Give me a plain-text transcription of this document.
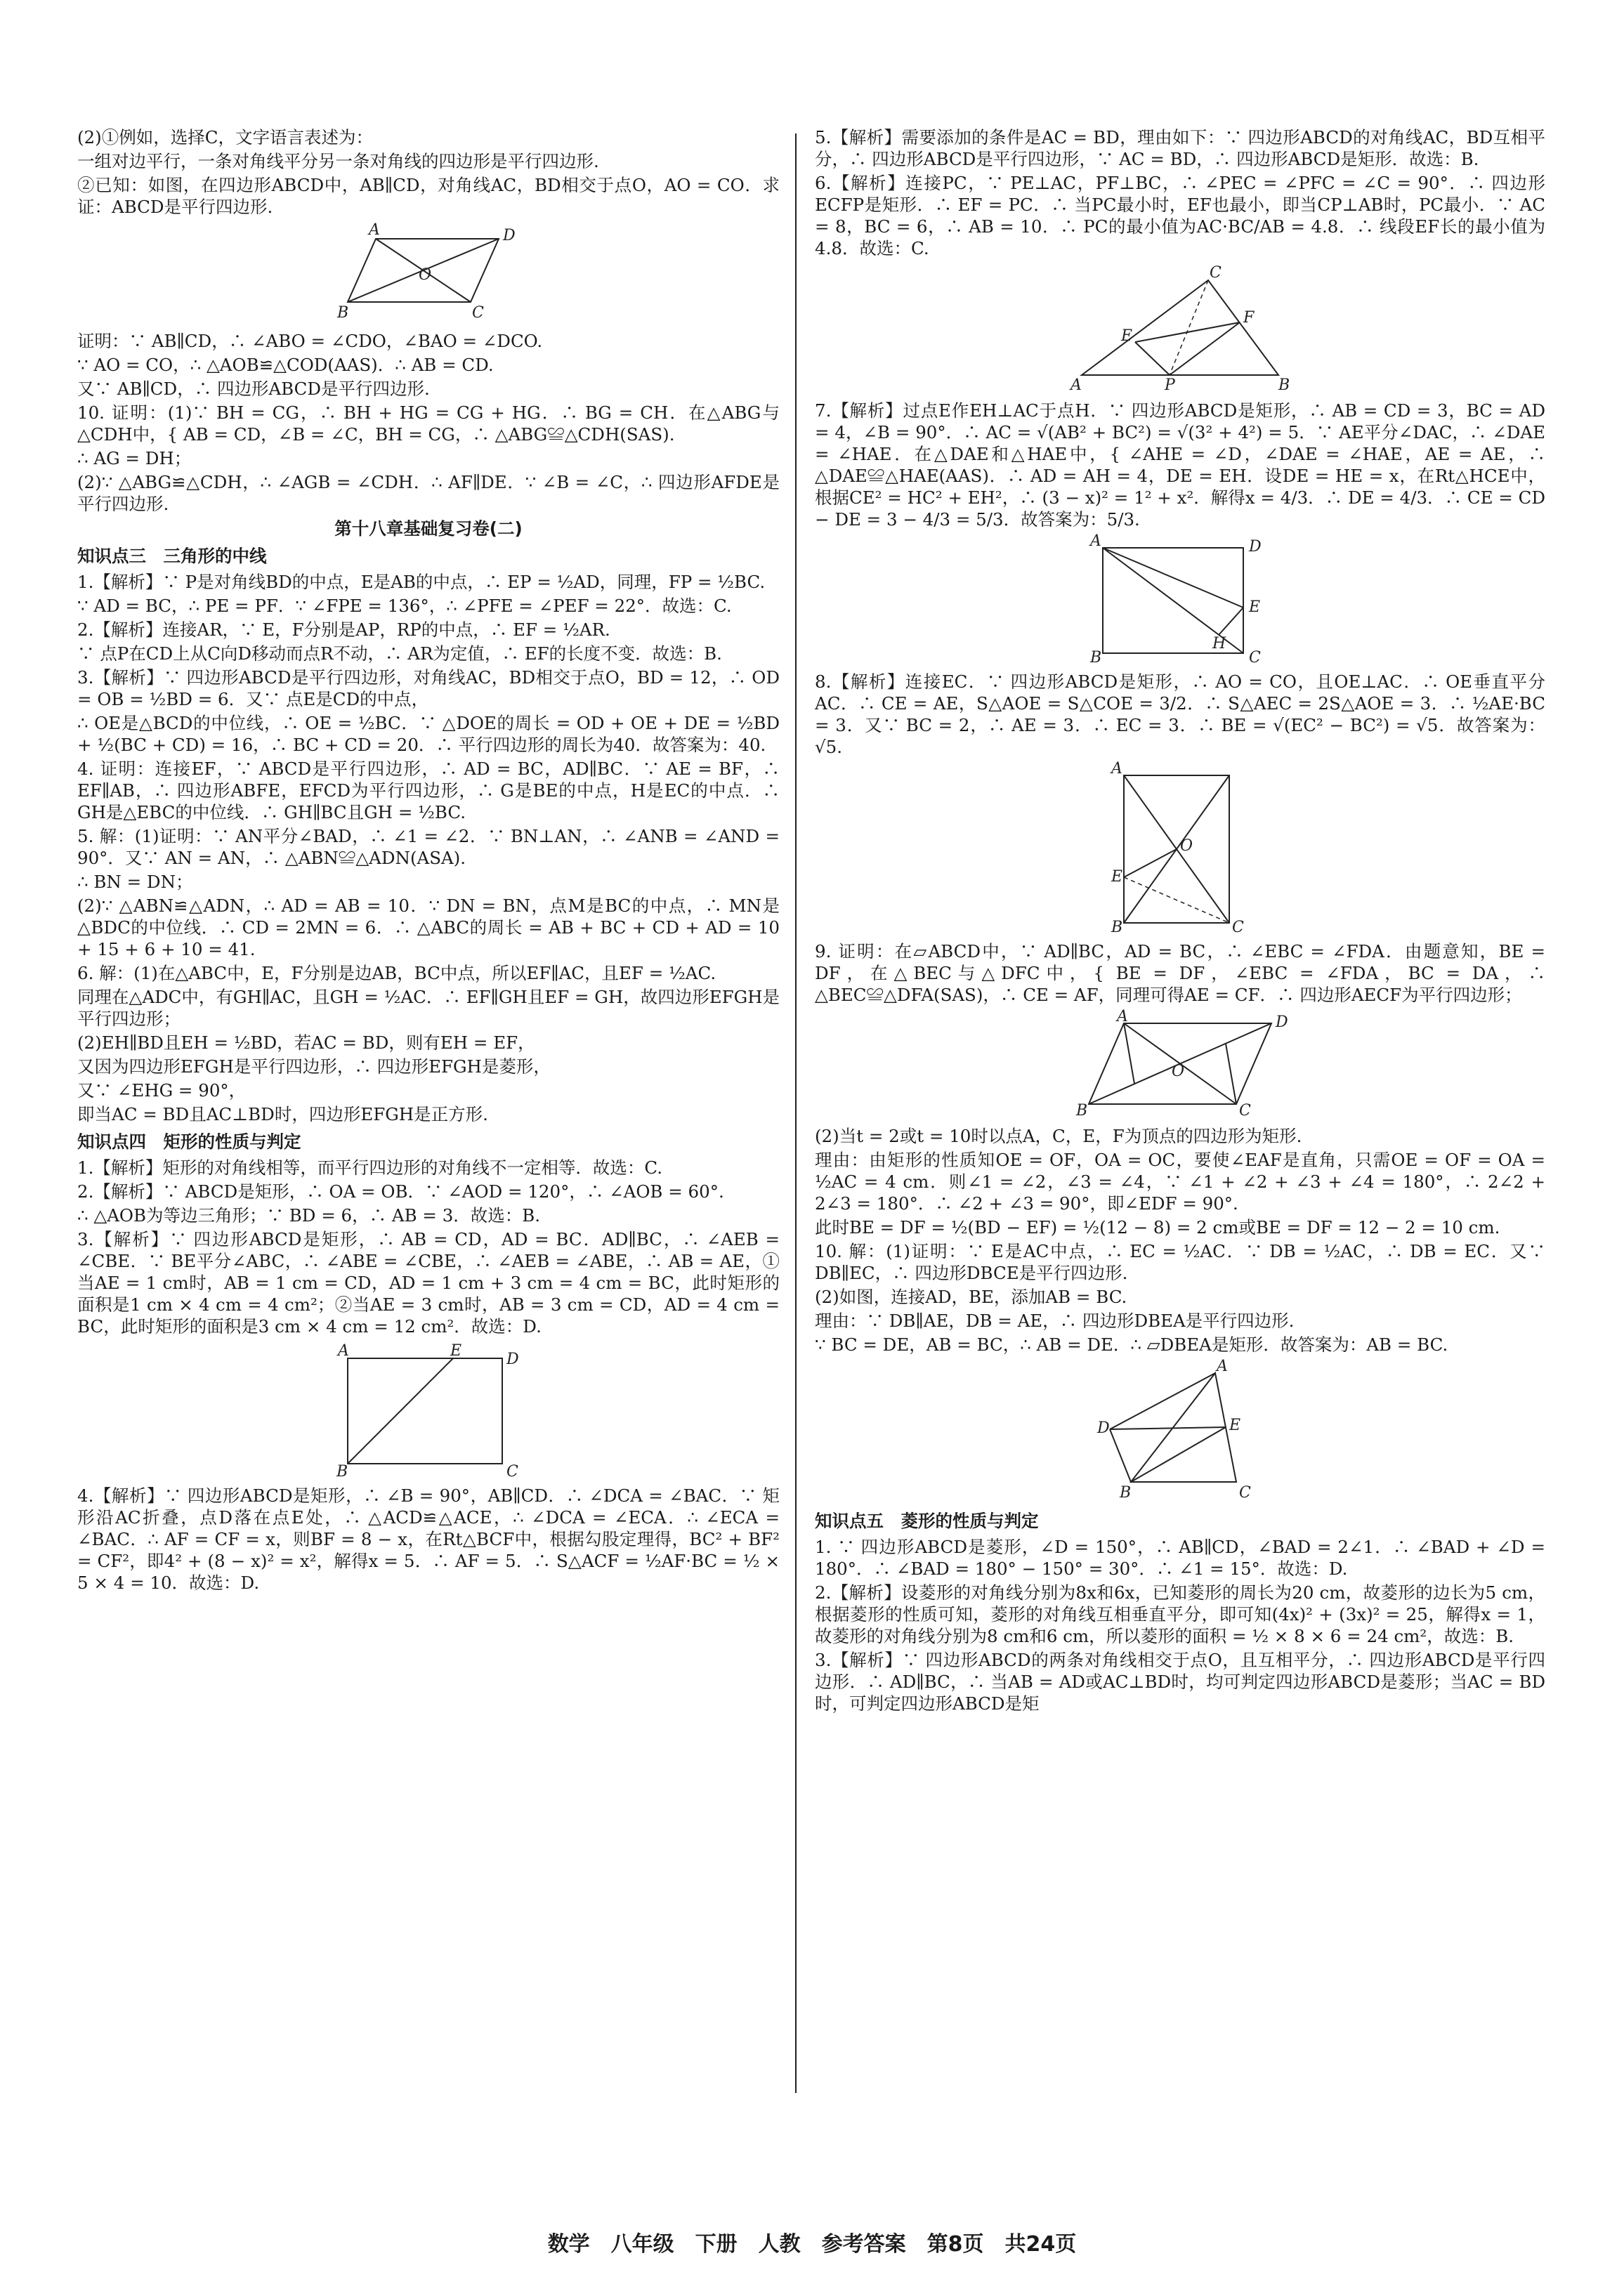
(2)①例如，选择C，文字语言表述为：

一组对边平行，一条对角线平分另一条对角线的四边形是平行四边形.

②已知：如图，在四边形ABCD中，AB∥CD，对角线AC，BD相交于点O，AO = CO．求证：ABCD是平行四边形.

A	D
B	C
O

证明：∵ AB∥CD，∴ ∠ABO = ∠CDO，∠BAO = ∠DCO.

∵ AO = CO，∴ △AOB≌△COD(AAS)．∴ AB = CD.

又∵ AB∥CD，∴ 四边形ABCD是平行四边形.

10. 证明：(1)∵ BH = CG，∴ BH + HG = CG + HG．∴ BG = CH．在△ABG与△CDH中，{ AB = CD，∠B = ∠C，BH = CG，∴ △ABG≌△CDH(SAS).

∴ AG = DH；

(2)∵ △ABG≌△CDH，∴ ∠AGB = ∠CDH．∴ AF∥DE．∵ ∠B = ∠C，∴ 四边形AFDE是平行四边形.

第十八章基础复习卷(二)
知识点三　三角形的中线

1.【解析】∵ P是对角线BD的中点，E是AB的中点，∴ EP = ½AD，同理，FP = ½BC.

∵ AD = BC，∴ PE = PF．∵ ∠FPE = 136°，∴ ∠PFE = ∠PEF = 22°．故选：C.

2.【解析】连接AR，∵ E，F分别是AP，RP的中点，∴ EF = ½AR.

∵ 点P在CD上从C向D移动而点R不动，∴ AR为定值，∴ EF的长度不变．故选：B.

3.【解析】∵ 四边形ABCD是平行四边形，对角线AC，BD相交于点O，BD = 12，∴ OD = OB = ½BD = 6．又∵ 点E是CD的中点，

∴ OE是△BCD的中位线，∴ OE = ½BC．∵ △DOE的周长 = OD + OE + DE = ½BD + ½(BC + CD) = 16，∴ BC + CD = 20．∴ 平行四边形的周长为40．故答案为：40.

4. 证明：连接EF，∵ ABCD是平行四边形，∴ AD = BC，AD∥BC．∵ AE = BF，∴ EF∥AB，∴ 四边形ABFE，EFCD为平行四边形，∴ G是BE的中点，H是EC的中点．∴ GH是△EBC的中位线．∴ GH∥BC且GH = ½BC.

5. 解：(1)证明：∵ AN平分∠BAD，∴ ∠1 = ∠2．∵ BN⊥AN，∴ ∠ANB = ∠AND = 90°．又∵ AN = AN，∴ △ABN≌△ADN(ASA).

∴ BN = DN；

(2)∵ △ABN≌△ADN，∴ AD = AB = 10．∵ DN = BN，点M是BC的中点，∴ MN是△BDC的中位线．∴ CD = 2MN = 6．∴ △ABC的周长 = AB + BC + CD + AD = 10 + 15 + 6 + 10 = 41.

6. 解：(1)在△ABC中，E，F分别是边AB，BC中点，所以EF∥AC，且EF = ½AC.

同理在△ADC中，有GH∥AC，且GH = ½AC．∴ EF∥GH且EF = GH，故四边形EFGH是平行四边形；

(2)EH∥BD且EH = ½BD，若AC = BD，则有EH = EF，

又因为四边形EFGH是平行四边形，∴ 四边形EFGH是菱形，

又∵ ∠EHG = 90°，

即当AC = BD且AC⊥BD时，四边形EFGH是正方形.

知识点四　矩形的性质与判定

1.【解析】矩形的对角线相等，而平行四边形的对角线不一定相等．故选：C.

2.【解析】∵ ABCD是矩形，∴ OA = OB．∵ ∠AOD = 120°，∴ ∠AOB = 60°.

∴ △AOB为等边三角形；∵ BD = 6，∴ AB = 3．故选：B.

3.【解析】∵ 四边形ABCD是矩形，∴ AB = CD，AD = BC．AD∥BC，∴ ∠AEB = ∠CBE．∵ BE平分∠ABC，∴ ∠ABE = ∠CBE，∴ ∠AEB = ∠ABE，∴ AB = AE，①当AE = 1 cm时，AB = 1 cm = CD，AD = 1 cm + 3 cm = 4 cm = BC，此时矩形的面积是1 cm × 4 cm = 4 cm²；②当AE = 3 cm时，AB = 3 cm = CD，AD = 4 cm = BC，此时矩形的面积是3 cm × 4 cm = 12 cm²．故选：D.

A	E	D
B	C

4.【解析】∵ 四边形ABCD是矩形，∴ ∠B = 90°，AB∥CD．∴ ∠DCA = ∠BAC．∵ 矩形沿AC折叠，点D落在点E处，∴ △ACD≌△ACE，∴ ∠DCA = ∠ECA．∴ ∠ECA = ∠BAC．∴ AF = CF = x，则BF = 8 − x，在Rt△BCF中，根据勾股定理得，BC² + BF² = CF²，即4² + (8 − x)² = x²，解得x = 5．∴ AF = 5．∴ S△ACF = ½AF·BC = ½ × 5 × 4 = 10．故选：D.

5.【解析】需要添加的条件是AC = BD，理由如下：∵ 四边形ABCD的对角线AC，BD互相平分，∴ 四边形ABCD是平行四边形，∵ AC = BD，∴ 四边形ABCD是矩形．故选：B.

6.【解析】连接PC，∵ PE⊥AC，PF⊥BC，∴ ∠PEC = ∠PFC = ∠C = 90°．∴ 四边形ECFP是矩形．∴ EF = PC．∴ 当PC最小时，EF也最小，即当CP⊥AB时，PC最小．∵ AC = 8，BC = 6，∴ AB = 10．∴ PC的最小值为AC·BC/AB = 4.8．∴ 线段EF长的最小值为4.8．故选：C.

A	P	B
C
E
F

7.【解析】过点E作EH⊥AC于点H．∵ 四边形ABCD是矩形，∴ AB = CD = 3，BC = AD = 4，∠B = 90°．∴ AC = √(AB² + BC²) = √(3² + 4²) = 5．∵ AE平分∠DAC，∴ ∠DAE = ∠HAE．在△DAE和△HAE中，{ ∠AHE = ∠D，∠DAE = ∠HAE，AE = AE，∴ △DAE≌△HAE(AAS)．∴ AD = AH = 4，DE = EH．设DE = HE = x，在Rt△HCE中，根据CE² = HC² + EH²，∴ (3 − x)² = 1² + x²．解得x = 4/3．∴ DE = 4/3．∴ CE = CD − DE = 3 − 4/3 = 5/3．故答案为：5/3.

A	D
E
H
B	C

8.【解析】连接EC．∵ 四边形ABCD是矩形，∴ AO = CO，且OE⊥AC．∴ OE垂直平分AC．∴ CE = AE，S△AOE = S△COE = 3/2．∴ S△AEC = 2S△AOE = 3．∴ ½AE·BC = 3．又∵ BC = 2，∴ AE = 3．∴ EC = 3．∴ BE = √(EC² − BC²) = √5．故答案为：√5.

A
O
E
B	C

9. 证明：在▱ABCD中，∵ AD∥BC，AD = BC，∴ ∠EBC = ∠FDA．由题意知，BE = DF，在△BEC与△DFC中，{ BE = DF，∠EBC = ∠FDA，BC = DA，∴ △BEC≌△DFA(SAS)，∴ CE = AF，同理可得AE = CF．∴ 四边形AECF为平行四边形；

A
B	C
D
O

(2)当t = 2或t = 10时以点A，C，E，F为顶点的四边形为矩形.

理由：由矩形的性质知OE = OF，OA = OC，要使∠EAF是直角，只需OE = OF = OA = ½AC = 4 cm．则∠1 = ∠2，∠3 = ∠4，∵ ∠1 + ∠2 + ∠3 + ∠4 = 180°，∴ 2∠2 + 2∠3 = 180°．∴ ∠2 + ∠3 = 90°，即∠EDF = 90°.

此时BE = DF = ½(BD − EF) = ½(12 − 8) = 2 cm或BE = DF = 12 − 2 = 10 cm.

10. 解：(1)证明：∵ E是AC中点，∴ EC = ½AC．∵ DB = ½AC，∴ DB = EC．又∵ DB∥EC，∴ 四边形DBCE是平行四边形.

(2)如图，连接AD，BE，添加AB = BC.

理由：∵ DB∥AE，DB = AE，∴ 四边形DBEA是平行四边形.

∵ BC = DE，AB = BC，∴ AB = DE．∴ ▱DBEA是矩形．故答案为：AB = BC.

A
D	E
B	C
知识点五　菱形的性质与判定

1. ∵ 四边形ABCD是菱形，∠D = 150°，∴ AB∥CD，∠BAD = 2∠1．∴ ∠BAD + ∠D = 180°．∴ ∠BAD = 180° − 150° = 30°．∴ ∠1 = 15°．故选：D.

2.【解析】设菱形的对角线分别为8x和6x，已知菱形的周长为20 cm，故菱形的边长为5 cm，根据菱形的性质可知，菱形的对角线互相垂直平分，即可知(4x)² + (3x)² = 25，解得x = 1，故菱形的对角线分别为8 cm和6 cm，所以菱形的面积 = ½ × 8 × 6 = 24 cm²，故选：B.

3.【解析】∵ 四边形ABCD的两条对角线相交于点O，且互相平分，∴ 四边形ABCD是平行四边形．∴ AD∥BC，∴ 当AB = AD或AC⊥BD时，均可判定四边形ABCD是菱形；当AC = BD时，可判定四边形ABCD是矩

数学　八年级　下册　人教　参考答案　第8页　共24页
